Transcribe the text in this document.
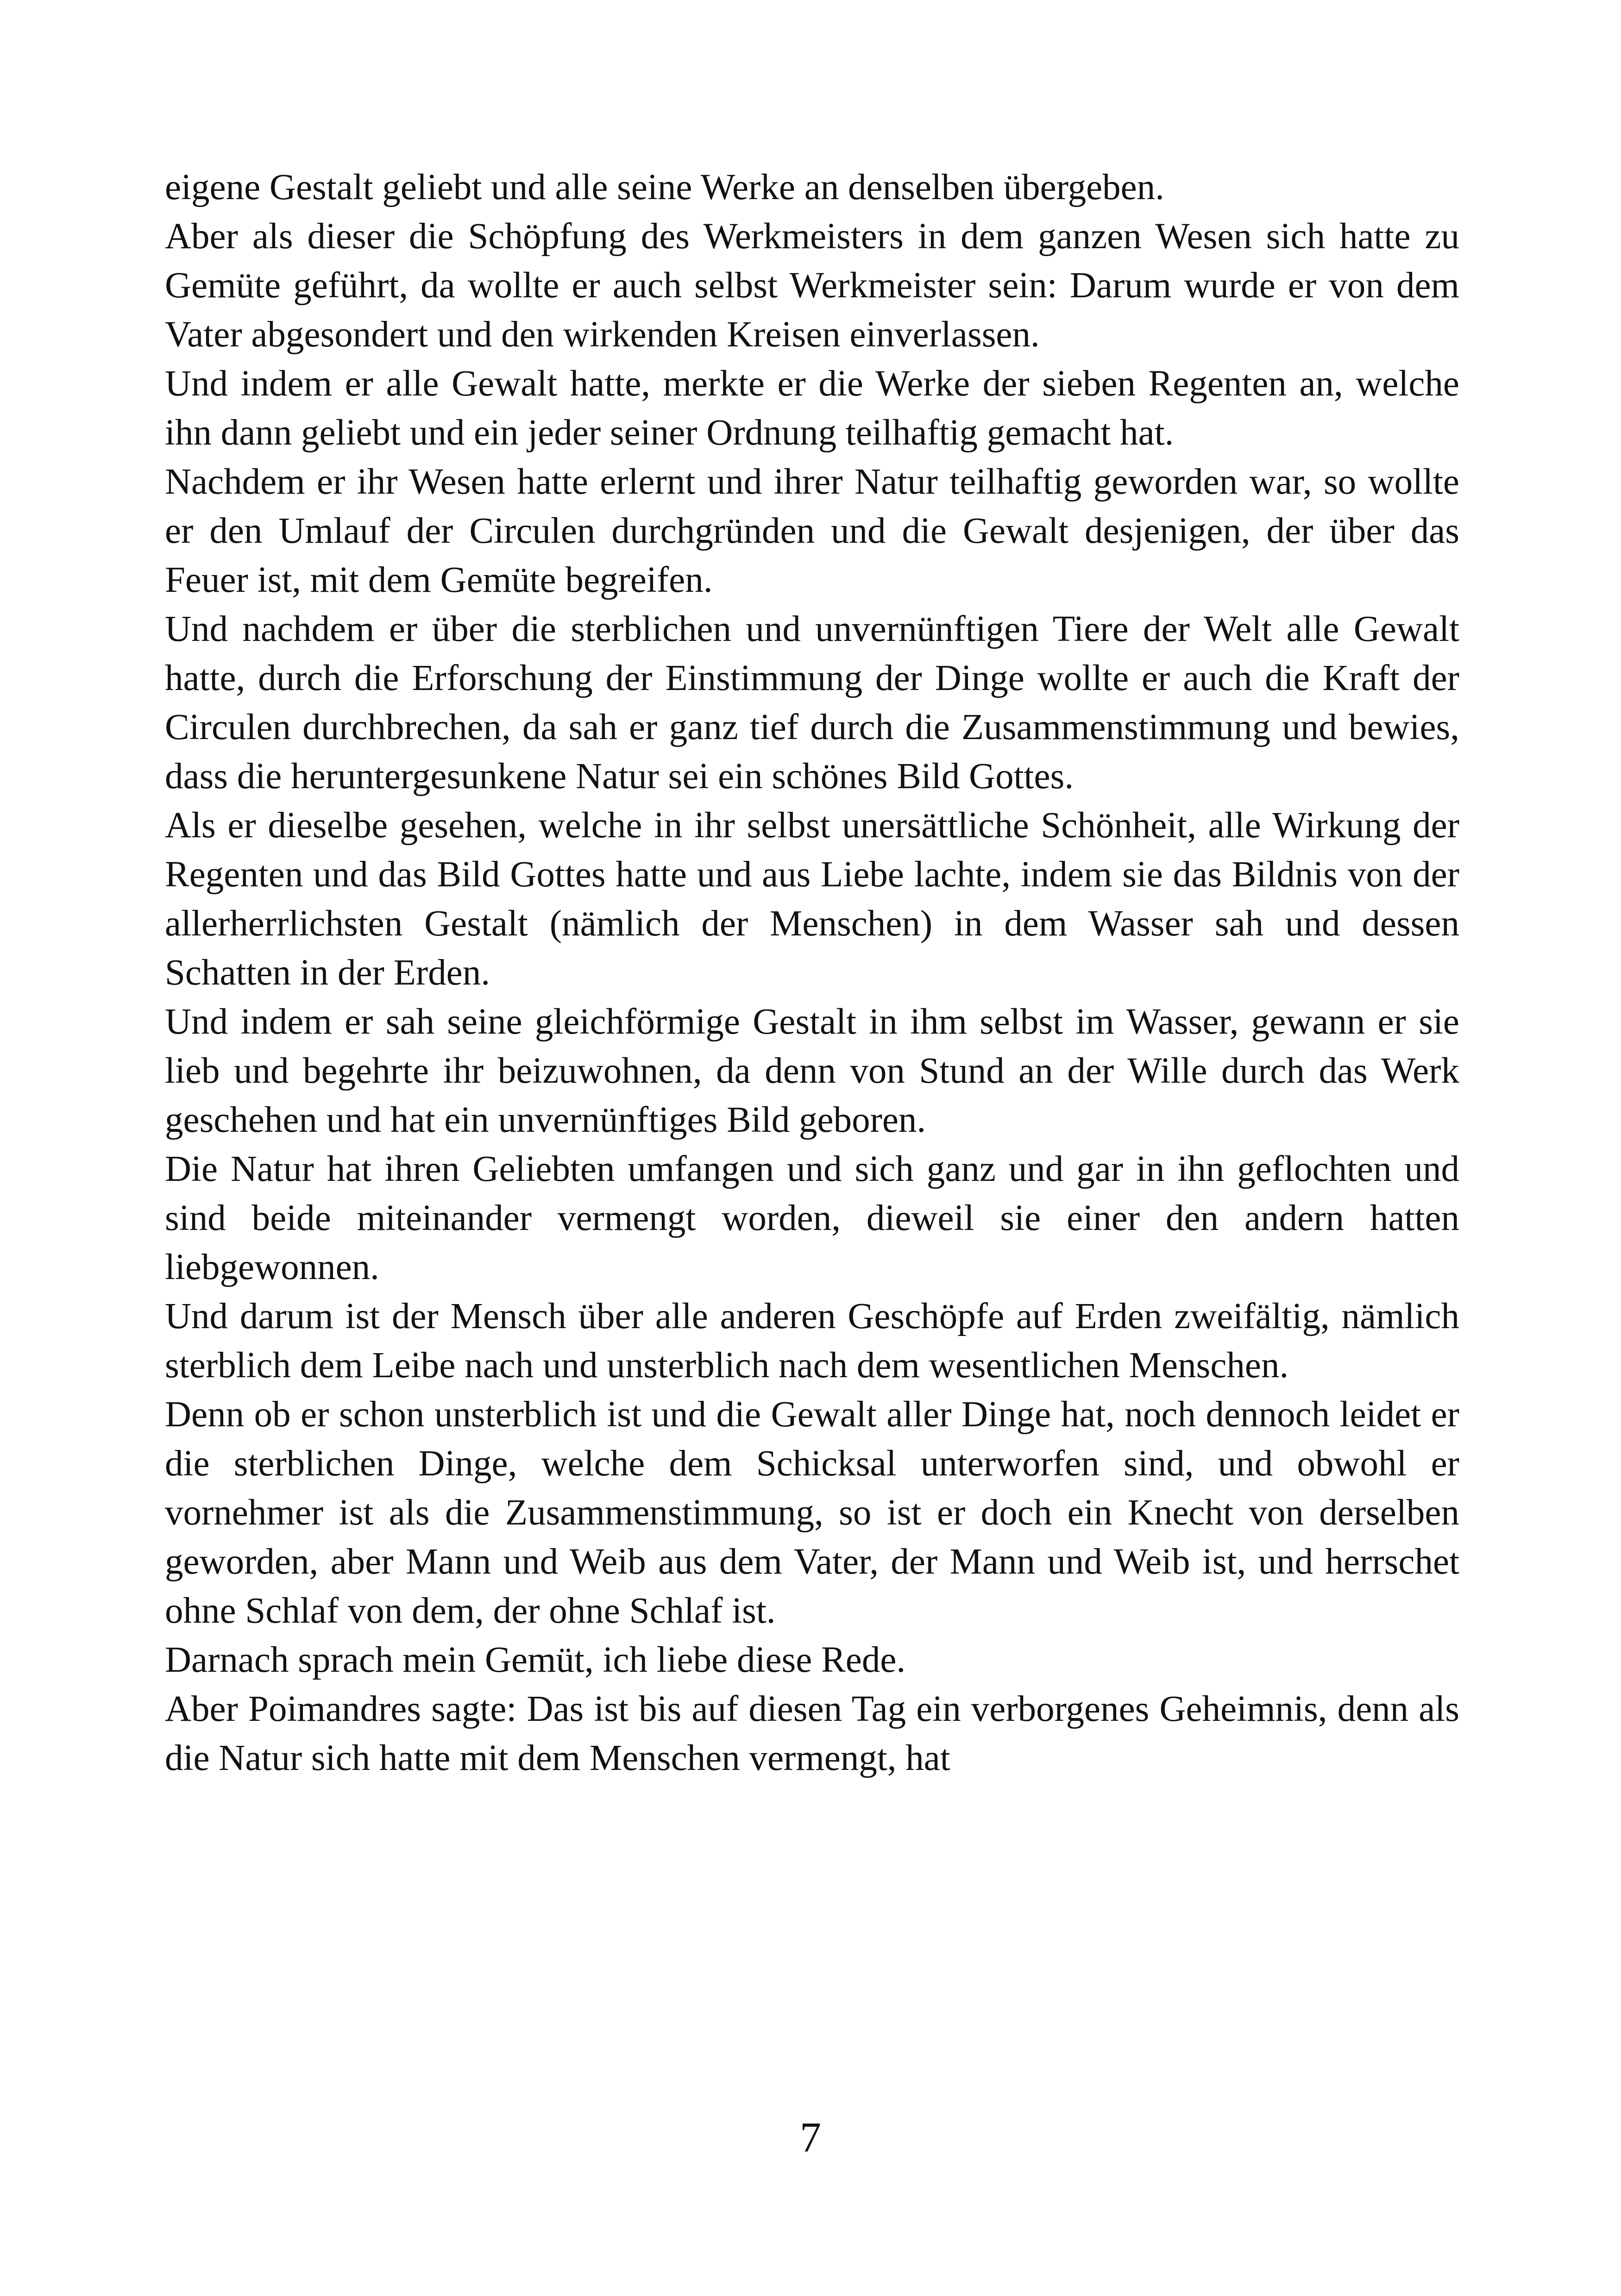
eigene Gestalt geliebt und alle seine Werke an denselben übergeben.

Aber als dieser die Schöpfung des Werkmeisters in dem ganzen Wesen sich hatte zu Gemüte geführt, da wollte er auch selbst Werkmeister sein: Darum wurde er von dem Vater abgesondert und den wirkenden Kreisen einverlassen.

Und indem er alle Gewalt hatte, merkte er die Werke der sieben Regenten an, welche ihn dann geliebt und ein jeder seiner Ordnung teilhaftig gemacht hat.

Nachdem er ihr Wesen hatte erlernt und ihrer Natur teilhaftig geworden war, so wollte er den Umlauf der Circulen durchgründen und die Gewalt desjenigen, der über das Feuer ist, mit dem Gemüte begreifen.

Und nachdem er über die sterblichen und unvernünftigen Tiere der Welt alle Gewalt hatte, durch die Erforschung der Einstimmung der Dinge wollte er auch die Kraft der Circulen durchbrechen, da sah er ganz tief durch die Zusammenstimmung und bewies, dass die heruntergesunkene Natur sei ein schönes Bild Gottes.

Als er dieselbe gesehen, welche in ihr selbst unersättliche Schönheit, alle Wirkung der Regenten und das Bild Gottes hatte und aus Liebe lachte, indem sie das Bildnis von der allerherrlichsten Gestalt (nämlich der Menschen) in dem Wasser sah und dessen Schatten in der Erden.

Und indem er sah seine gleichförmige Gestalt in ihm selbst im Wasser, gewann er sie lieb und begehrte ihr beizuwohnen, da denn von Stund an der Wille durch das Werk geschehen und hat ein unvernünftiges Bild geboren.

Die Natur hat ihren Geliebten umfangen und sich ganz und gar in ihn geflochten und sind beide miteinander vermengt worden, dieweil sie einer den andern hatten liebgewonnen.

Und darum ist der Mensch über alle anderen Geschöpfe auf Erden zweifältig, nämlich sterblich dem Leibe nach und unsterblich nach dem wesentlichen Menschen.

Denn ob er schon unsterblich ist und die Gewalt aller Dinge hat, noch dennoch leidet er die sterblichen Dinge, welche dem Schicksal unterworfen sind, und obwohl er vornehmer ist als die Zusammenstimmung, so ist er doch ein Knecht von derselben geworden, aber Mann und Weib aus dem Vater, der Mann und Weib ist, und herrschet ohne Schlaf von dem, der ohne Schlaf ist.

Darnach sprach mein Gemüt, ich liebe diese Rede.

Aber Poimandres sagte: Das ist bis auf diesen Tag ein verborgenes Geheimnis, denn als die Natur sich hatte mit dem Menschen vermengt, hat

7
